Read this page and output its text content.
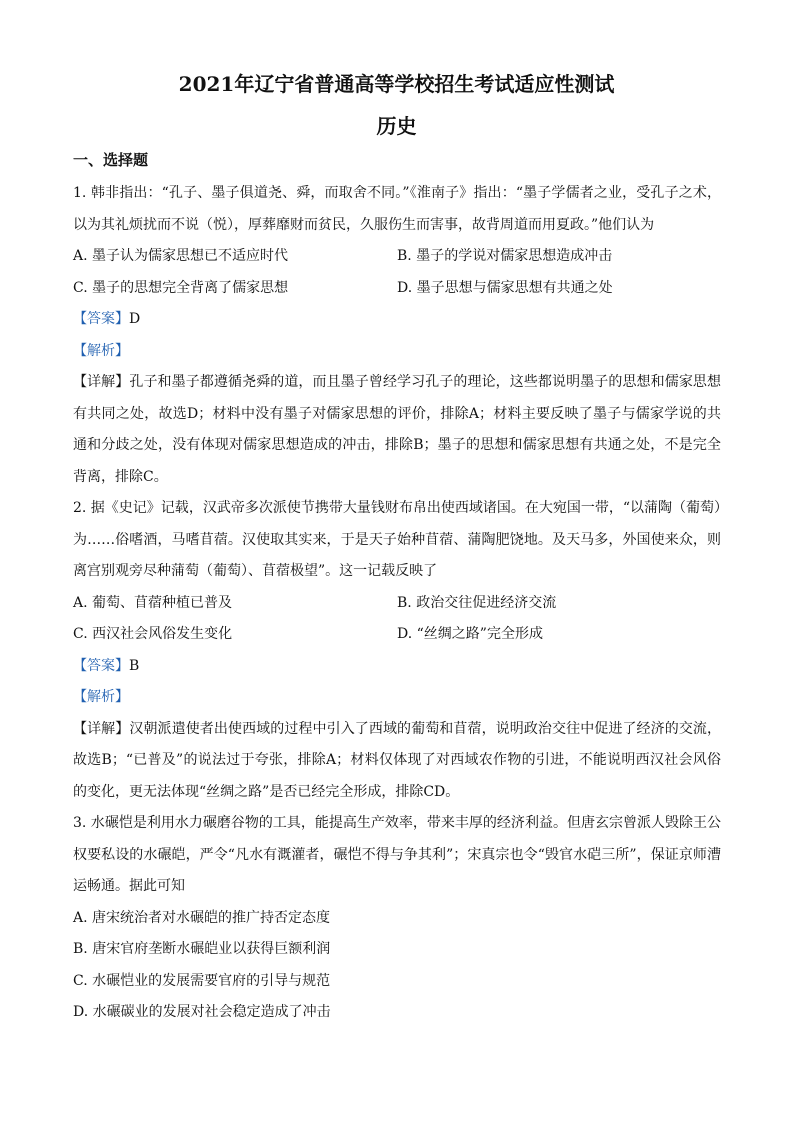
2021年辽宁省普通高等学校招生考试适应性测试
历史
一、选择题

1. 韩非指出：“孔子、墨子俱道尧、舜，而取舍不同。”《淮南子》指出：“墨子学儒者之业，受孔子之术，以为其礼烦扰而不说（悦），厚葬靡财而贫民，久服伤生而害事，故背周道而用夏政。”他们认为

A. 墨子认为儒家思想已不适应时代	B. 墨子的学说对儒家思想造成冲击
C. 墨子的思想完全背离了儒家思想	D. 墨子思想与儒家思想有共通之处

【答案】D

【解析】

【详解】孔子和墨子都遵循尧舜的道，而且墨子曾经学习孔子的理论，这些都说明墨子的思想和儒家思想有共同之处，故选D；材料中没有墨子对儒家思想的评价，排除A；材料主要反映了墨子与儒家学说的共通和分歧之处，没有体现对儒家思想造成的冲击，排除B；墨子的思想和儒家思想有共通之处，不是完全背离，排除C。

2. 据《史记》记载，汉武帝多次派使节携带大量钱财布帛出使西域诸国。在大宛国一带，“以蒲陶（葡萄）为……俗嗜酒，马嗜苜蓿。汉使取其实来，于是天子始种苜蓿、蒲陶肥饶地。及天马多，外国使来众，则离宫别观旁尽种蒲萄（葡萄）、苜蓿极望”。这一记载反映了

A. 葡萄、苜蓿种植已普及	B. 政治交往促进经济交流
C. 西汉社会风俗发生变化	D. “丝绸之路”完全形成

【答案】B

【解析】

【详解】汉朝派遣使者出使西域的过程中引入了西域的葡萄和苜蓿，说明政治交往中促进了经济的交流，故选B；“已普及”的说法过于夸张，排除A；材料仅体现了对西域农作物的引进，不能说明西汉社会风俗的变化，更无法体现“丝绸之路”是否已经完全形成，排除CD。

3. 水碾恺是利用水力碾磨谷物的工具，能提高生产效率，带来丰厚的经济利益。但唐玄宗曾派人毁除王公权要私设的水碾皑，严令“凡水有溉灌者，碾恺不得与争其利”；宋真宗也令“毁官水硙三所”，保证京师漕运畅通。据此可知

A. 唐宋统治者对水碾皑的推广持否定态度
B. 唐宋官府垄断水碾皑业以获得巨额利润
C. 水碾恺业的发展需要官府的引导与规范
D. 水碾碳业的发展对社会稳定造成了冲击
